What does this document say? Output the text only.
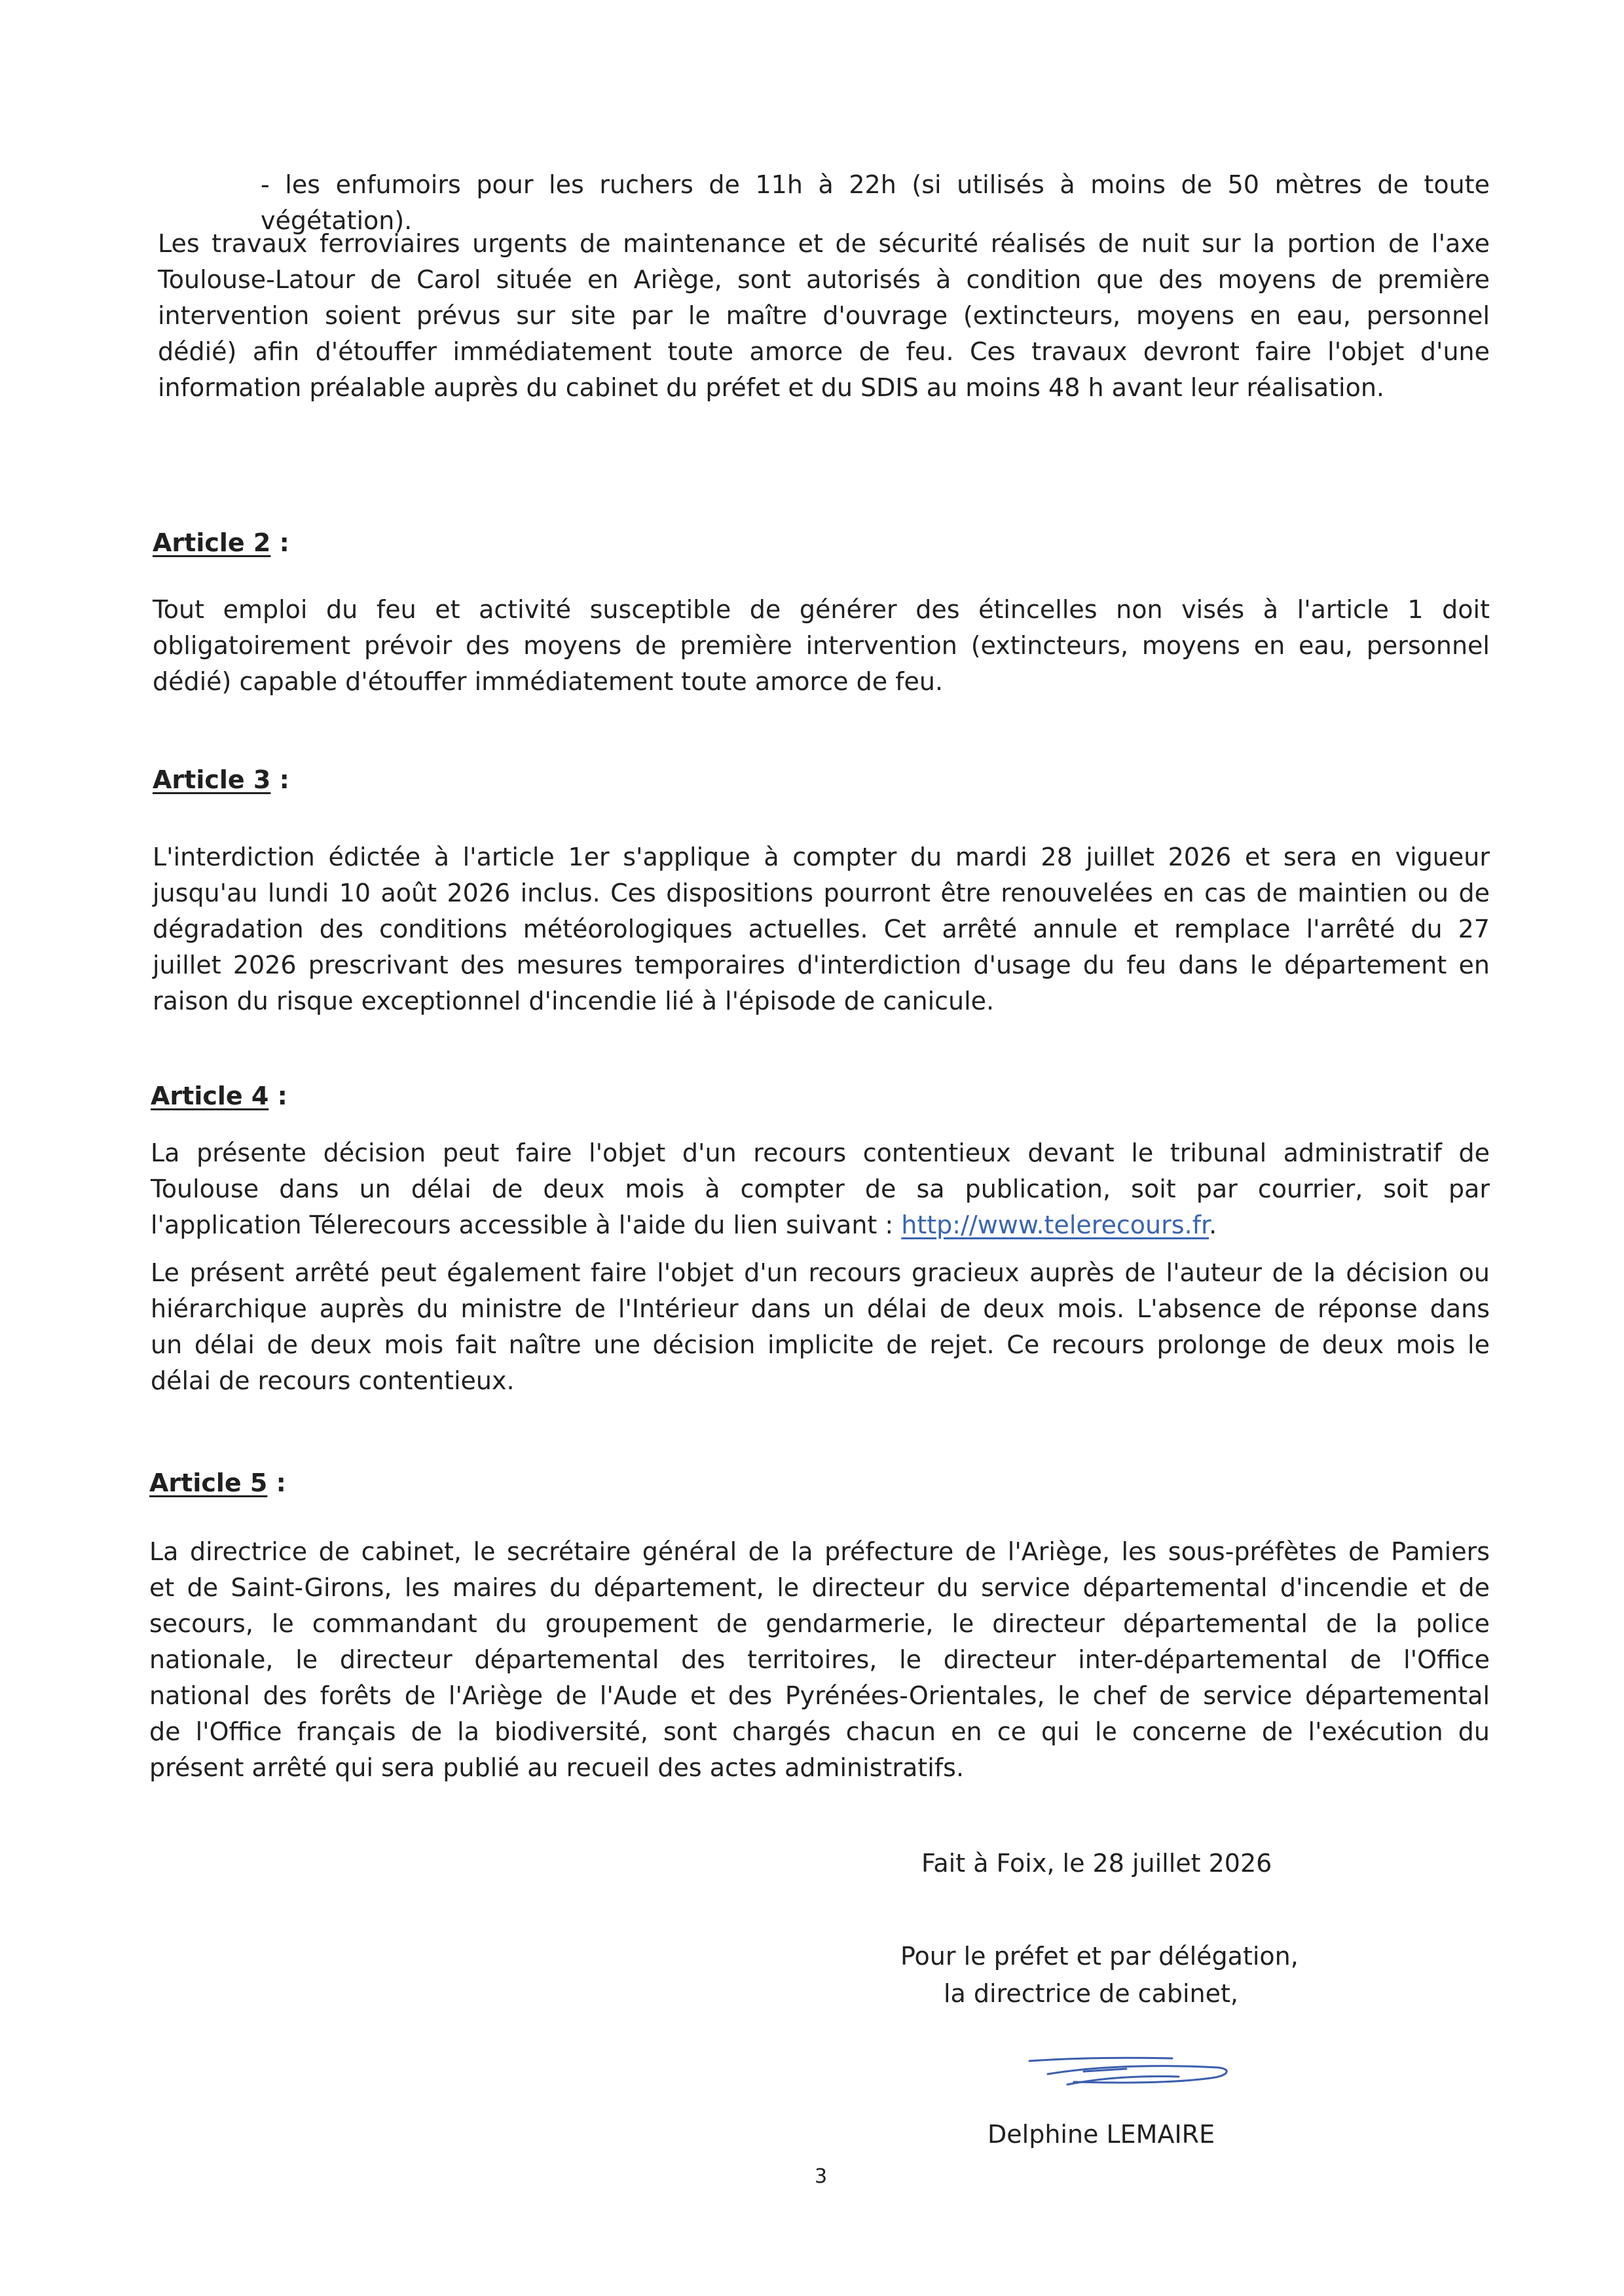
- les enfumoirs pour les ruchers de 11h à 22h (si utilisés à moins de 50 mètres de toute
végétation).
Les travaux ferroviaires urgents de maintenance et de sécurité réalisés de nuit sur la portion de l'axe
Toulouse-Latour de Carol située en Ariège, sont autorisés à condition que des moyens de première
intervention soient prévus sur site par le maître d'ouvrage (extincteurs, moyens en eau, personnel
dédié) afin d'étouffer immédiatement toute amorce de feu. Ces travaux devront faire l'objet d'une
information préalable auprès du cabinet du préfet et du SDIS au moins 48 h avant leur réalisation.
Article 2 :
Tout emploi du feu et activité susceptible de générer des étincelles non visés à l'article 1 doit
obligatoirement prévoir des moyens de première intervention (extincteurs, moyens en eau, personnel
dédié) capable d'étouffer immédiatement toute amorce de feu.
Article 3 :
L'interdiction édictée à l'article 1er s'applique à compter du mardi 28 juillet 2026 et sera en vigueur
jusqu'au lundi 10 août 2026 inclus. Ces dispositions pourront être renouvelées en cas de maintien ou de
dégradation des conditions météorologiques actuelles. Cet arrêté annule et remplace l'arrêté du 27
juillet 2026 prescrivant des mesures temporaires d'interdiction d'usage du feu dans le département en
raison du risque exceptionnel d'incendie lié à l'épisode de canicule.
Article 4 :
La présente décision peut faire l'objet d'un recours contentieux devant le tribunal administratif de
Toulouse dans un délai de deux mois à compter de sa publication, soit par courrier, soit par
l'application Télerecours accessible à l'aide du lien suivant : http://www.telerecours.fr.
Le présent arrêté peut également faire l'objet d'un recours gracieux auprès de l'auteur de la décision ou
hiérarchique auprès du ministre de l'Intérieur dans un délai de deux mois. L'absence de réponse dans
un délai de deux mois fait naître une décision implicite de rejet. Ce recours prolonge de deux mois le
délai de recours contentieux.
Article 5 :
La directrice de cabinet, le secrétaire général de la préfecture de l'Ariège, les sous-préfètes de Pamiers
et de Saint-Girons, les maires du département, le directeur du service départemental d'incendie et de
secours, le commandant du groupement de gendarmerie, le directeur départemental de la police
nationale, le directeur départemental des territoires, le directeur inter-départemental de l'Office
national des forêts de l'Ariège de l'Aude et des Pyrénées-Orientales, le chef de service départemental
de l'Office français de la biodiversité, sont chargés chacun en ce qui le concerne de l'exécution du
présent arrêté qui sera publié au recueil des actes administratifs.
Fait à Foix, le 28 juillet 2026
Pour le préfet et par délégation,
la directrice de cabinet,
Delphine LEMAIRE
3
